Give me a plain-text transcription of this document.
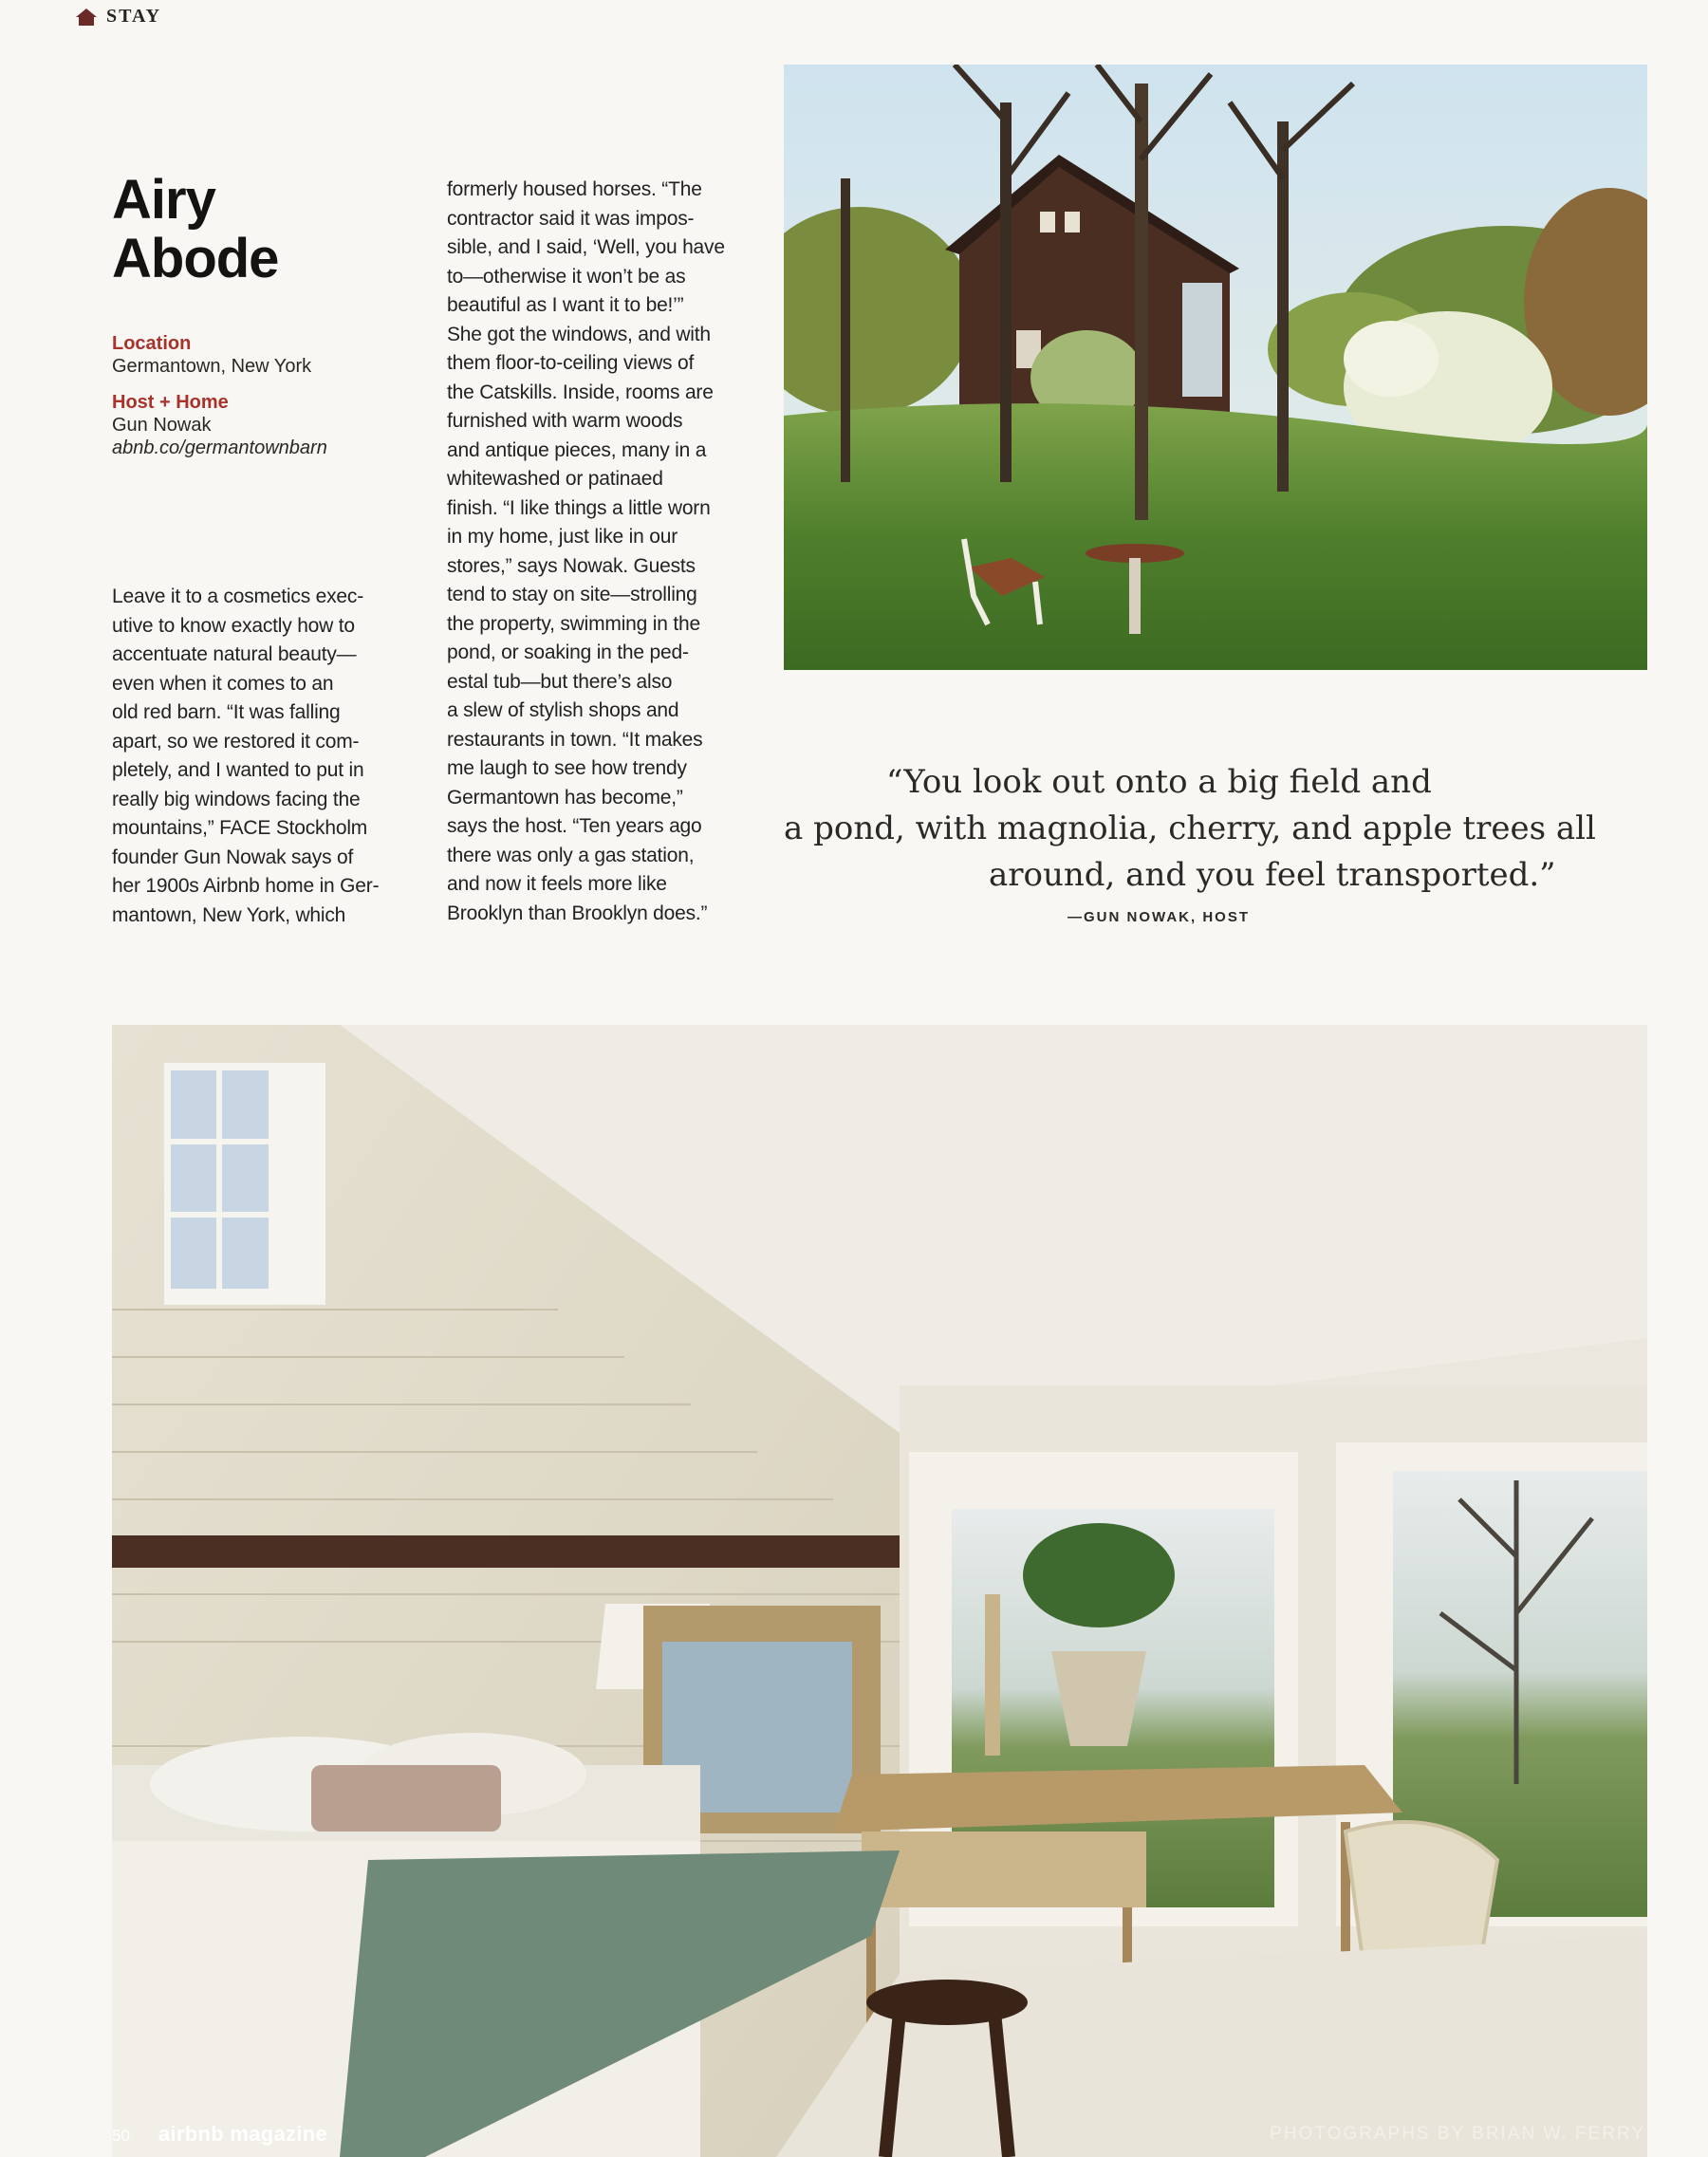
STAY
Airy
Abode
Location
Germantown, New York
Host + Home
Gun Nowak
abnb.co/germantownbarn
Leave it to a cosmetics exec-
utive to know exactly how to
accentuate natural beauty—
even when it comes to an
old red barn. “It was falling
apart, so we restored it com-
pletely, and I wanted to put in
really big windows facing the
mountains,” FACE Stockholm
founder Gun Nowak says of
her 1900s Airbnb home in Ger-
mantown, New York, which
formerly housed horses. “The
contractor said it was impos-
sible, and I said, ‘Well, you have
to—otherwise it won’t be as
beautiful as I want it to be!’”
She got the windows, and with
them floor-to-ceiling views of
the Catskills. Inside, rooms are
furnished with warm woods
and antique pieces, many in a
whitewashed or patinaed
finish. “I like things a little worn
in my home, just like in our
stores,” says Nowak. Guests
tend to stay on site—strolling
the property, swimming in the
pond, or soaking in the ped-
estal tub—but there’s also
a slew of stylish shops and
restaurants in town. “It makes
me laugh to see how trendy
Germantown has become,”
says the host. “Ten years ago
there was only a gas station,
and now it feels more like
Brooklyn than Brooklyn does.”
“You look out onto a big field and
a pond, with magnolia, cherry, and apple trees all
around, and you feel transported.”
—GUN NOWAK, HOST
50 airbnb magazine	PHOTOGRAPHS BY BRIAN W. FERRY
